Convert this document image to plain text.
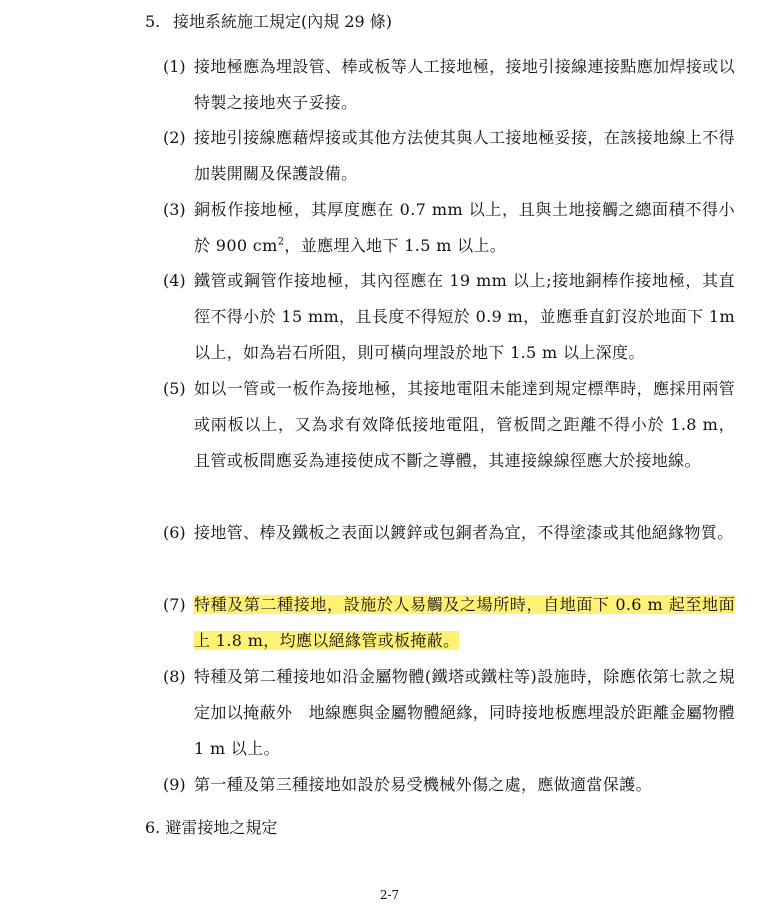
5. 接地系統施工規定(內規 29 條)
(1) 接地極應為埋設管、棒或板等人工接地極，接地引接線連接點應加焊接或以特製之接地夾子妥接。
(2) 接地引接線應藉焊接或其他方法使其與人工接地極妥接，在該接地線上不得加裝開關及保護設備。
(3) 銅板作接地極，其厚度應在 0.7 mm 以上，且與土地接觸之總面積不得小於 900 $cm^2$，並應埋入地下 1.5 m 以上。
(4) 鐵管或鋼管作接地極，其內徑應在 19 mm 以上;接地銅棒作接地極，其直徑不得小於 15 mm，且長度不得短於 0.9 m，並應垂直釘沒於地面下 1m 以上，如為岩石所阻，則可橫向埋設於地下 1.5 m 以上深度。
(5) 如以一管或一板作為接地極，其接地電阻未能達到規定標準時，應採用兩管或兩板以上，又為求有效降低接地電阻，管板間之距離不得小於 1.8 m，且管或板間應妥為連接使成不斷之導體，其連接線線徑應大於接地線。
(6) 接地管、棒及鐵板之表面以鍍鋅或包銅者為宜，不得塗漆或其他絕緣物質。
(7) 特種及第二種接地，設施於人易觸及之場所時，自地面下 0.6 m 起至地面上 1.8 m，均應以絕緣管或板掩蔽。
(8) 特種及第二種接地如沿金屬物體(鐵塔或鐵柱等)設施時，除應依第七款之規定加以掩蔽外　地線應與金屬物體絕緣，同時接地板應埋設於距離金屬物體 1 m 以上。
(9) 第一種及第三種接地如設於易受機械外傷之處，應做適當保護。
6. 避雷接地之規定
2-7
